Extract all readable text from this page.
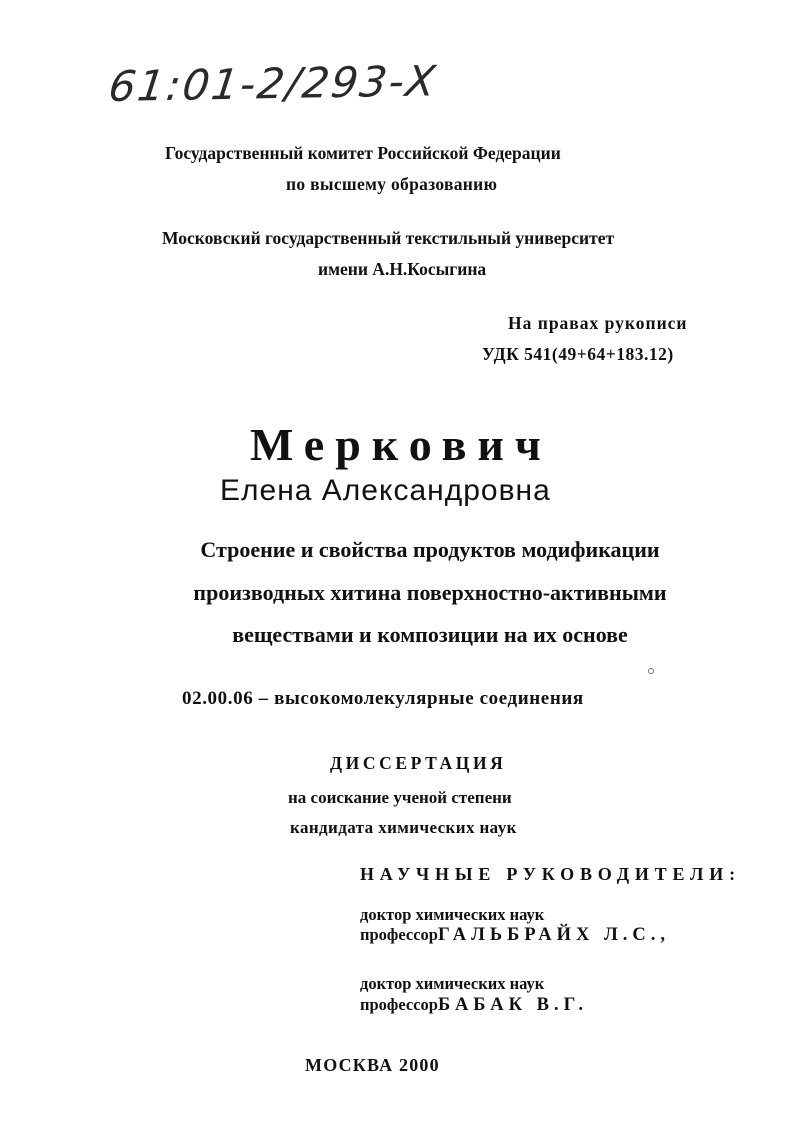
61:01-2/293-Х
Государственный комитет Российской Федерации
по высшему образованию
Московский государственный текстильный университет
имени А.Н.Косыгина
На правах рукописи
УДК 541(49+64+183.12)
Меркович
Елена Александровна
Строение и свойства продуктов модификации
производных хитина поверхностно-активными
веществами и композиции на их основе
02.00.06 – высокомолекулярные соединения
ДИССЕРТАЦИЯ
на соискание ученой степени
кандидата химических наук
НАУЧНЫЕ РУКОВОДИТЕЛИ:
доктор химических наук
профессорГАЛЬБРАЙХ Л.С.,
доктор химических наук
профессорБАБАК В.Г.
МОСКВА 2000
